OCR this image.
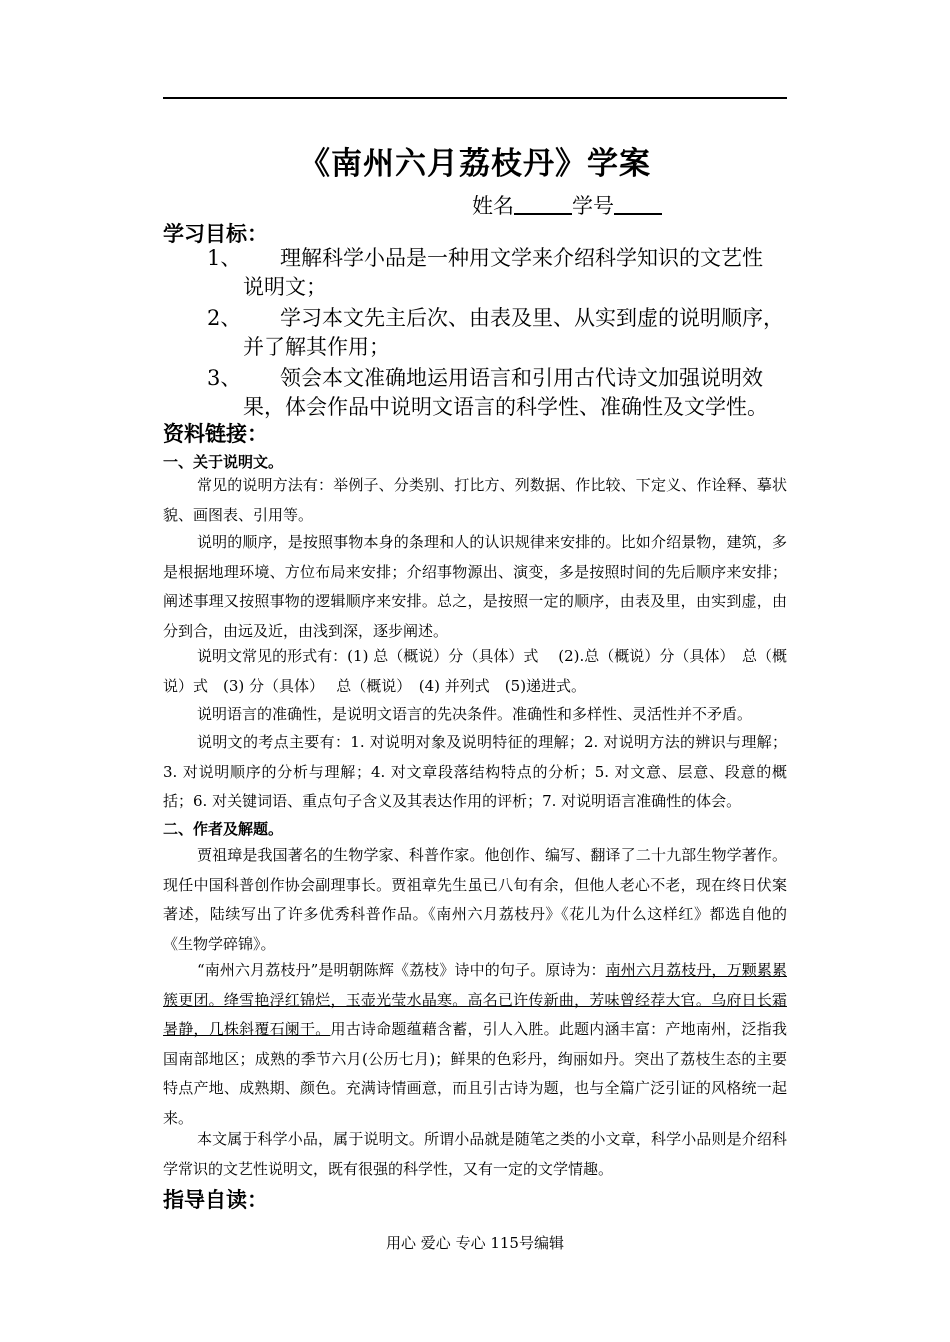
《南州六月荔枝丹》学案
姓名	学号
学习目标：
1、	理解科学小品是一种用文学来介绍科学知识的文艺性
说明文；
2、	学习本文先主后次、由表及里、从实到虚的说明顺序，
并了解其作用；
3、	领会本文准确地运用语言和引用古代诗文加强说明效
果，体会作品中说明文语言的科学性、准确性及文学性。
资料链接：
一、关于说明文。

常见的说明方法有：举例子、分类别、打比方、列数据、作比较、下定义、作诠释、摹状貌、画图表、引用等。

说明的顺序，是按照事物本身的条理和人的认识规律来安排的。比如介绍景物，建筑，多是根据地理环境、方位布局来安排；介绍事物源出、演变，多是按照时间的先后顺序来安排；阐述事理又按照事物的逻辑顺序来安排。总之，是按照一定的顺序，由表及里，由实到虚，由分到合，由远及近，由浅到深，逐步阐述。

说明文常见的形式有：(1) 总（概说）分（具体）式　 (2).总（概说）分（具体）　总（概说）式　(3) 分（具体）　 总（概说）　(4) 并列式　(5)递进式。

说明语言的准确性，是说明文语言的先决条件。准确性和多样性、灵活性并不矛盾。

说明文的考点主要有：1. 对说明对象及说明特征的理解；2. 对说明方法的辨识与理解；3. 对说明顺序的分析与理解；4. 对文章段落结构特点的分析；5. 对文意、层意、段意的概括；6. 对关键词语、重点句子含义及其表达作用的评析；7. 对说明语言准确性的体会。

二、作者及解题。

贾祖璋是我国著名的生物学家、科普作家。他创作、编写、翻译了二十九部生物学著作。现任中国科普创作协会副理事长。贾祖章先生虽已八旬有余，但他人老心不老，现在终日伏案著述，陆续写出了许多优秀科普作品。《南州六月荔枝丹》《花儿为什么这样红》都选自他的《生物学碎锦》。

“南州六月荔枝丹”是明朝陈辉《荔枝》诗中的句子。原诗为：南州六月荔枝丹，万颗累累簇更团。绛雪艳浮红锦烂，玉壶光莹水晶寒。高名已许传新曲，芳味曾经荐大官。乌府日长霜暑静，几株斜覆石阑干。用古诗命题蕴藉含蓄，引人入胜。此题内涵丰富：产地南州，泛指我国南部地区；成熟的季节六月(公历七月)；鲜果的色彩丹，绚丽如丹。突出了荔枝生态的主要特点产地、成熟期、颜色。充满诗情画意，而且引古诗为题，也与全篇广泛引证的风格统一起来。

本文属于科学小品，属于说明文。所谓小品就是随笔之类的小文章，科学小品则是介绍科学常识的文艺性说明文，既有很强的科学性，又有一定的文学情趣。

指导自读：
用心 爱心 专心 115号编辑
